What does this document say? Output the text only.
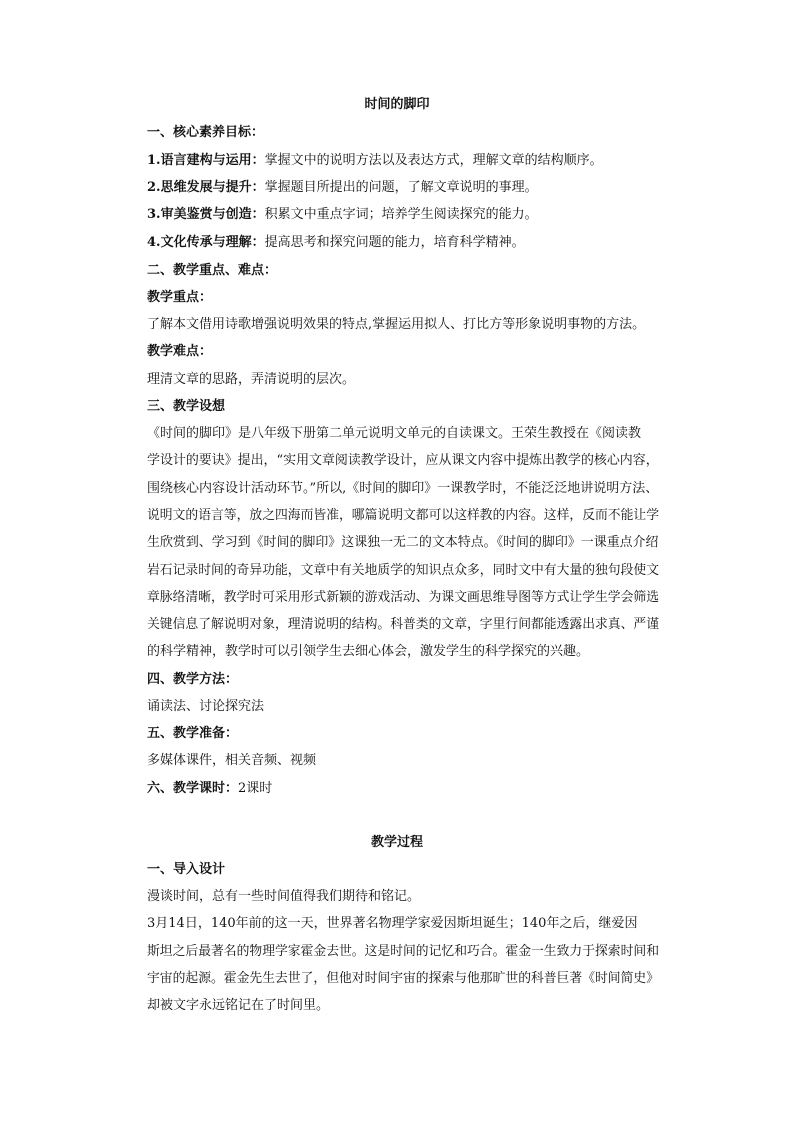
时间的脚印
一、核心素养目标：
1.语言建构与运用：掌握文中的说明方法以及表达方式，理解文章的结构顺序。
2.思维发展与提升：掌握题目所提出的问题，了解文章说明的事理。
3.审美鉴赏与创造：积累文中重点字词；培养学生阅读探究的能力。
4.文化传承与理解：提高思考和探究问题的能力，培育科学精神。
二、教学重点、难点：
教学重点：
了解本文借用诗歌增强说明效果的特点,掌握运用拟人、打比方等形象说明事物的方法。
教学难点：
理清文章的思路，弄清说明的层次。
三、教学设想
《时间的脚印》是八年级下册第二单元说明文单元的自读课文。王荣生教授在《阅读教
学设计的要诀》提出，“实用文章阅读教学设计，应从课文内容中提炼出教学的核心内容，
围绕核心内容设计活动环节。”所以,《时间的脚印》一课教学时，不能泛泛地讲说明方法、
说明文的语言等，放之四海而皆准，哪篇说明文都可以这样教的内容。这样，反而不能让学
生欣赏到、学习到《时间的脚印》这课独一无二的文本特点。《时间的脚印》一课重点介绍
岩石记录时间的奇异功能，文章中有关地质学的知识点众多，同时文中有大量的独句段使文
章脉络清晰，教学时可采用形式新颖的游戏活动、为课文画思维导图等方式让学生学会筛选
关键信息了解说明对象，理清说明的结构。科普类的文章，字里行间都能透露出求真、严谨
的科学精神，教学时可以引领学生去细心体会，激发学生的科学探究的兴趣。
四、教学方法：
诵读法、讨论探究法
五、教学准备：
多媒体课件，相关音频、视频
六、教学课时：2课时
教学过程
一、导入设计
漫谈时间，总有一些时间值得我们期待和铭记。
3月14日，140年前的这一天，世界著名物理学家爱因斯坦诞生；140年之后，继爱因
斯坦之后最著名的物理学家霍金去世。这是时间的记忆和巧合。霍金一生致力于探索时间和
宇宙的起源。霍金先生去世了，但他对时间宇宙的探索与他那旷世的科普巨著《时间简史》
却被文字永远铭记在了时间里。
